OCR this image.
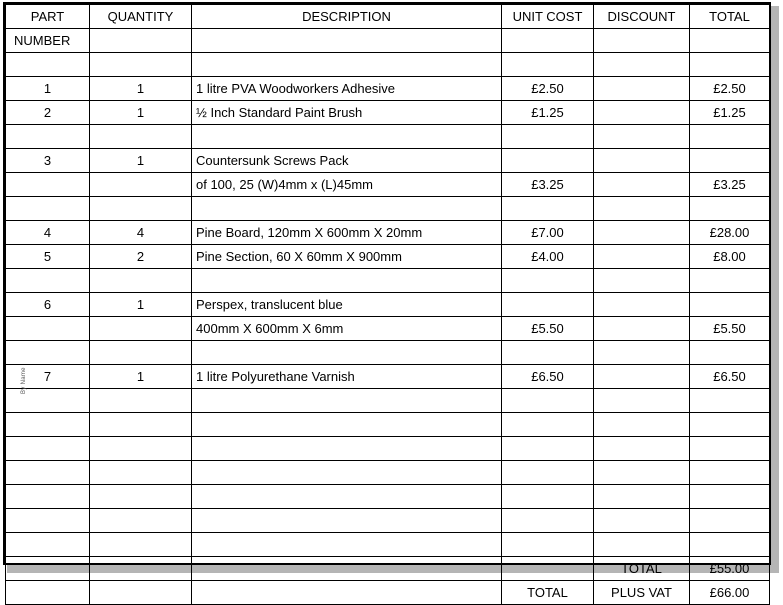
PART	QUANTITY	DESCRIPTION	UNIT COST	DISCOUNT	TOTAL
NUMBER					

1	1	1 litre PVA Woodworkers Adhesive	£2.50		£2.50
2	1	½ Inch Standard Paint Brush	£1.25		£1.25

3	1	Countersunk Screws Pack			
		of 100, 25 (W)4mm x (L)45mm	£3.25		£3.25

4	4	Pine Board, 120mm X 600mm X 20mm	£7.00		£28.00
5	2	Pine Section, 60 X 60mm X 900mm	£4.00		£8.00

6	1	Perspex, translucent blue			
		400mm X 600mm X 6mm	£5.50		£5.50

7	1	1 litre Polyurethane Varnish	£6.50		£6.50

				TOTAL	£55.00
			TOTAL	PLUS VAT	£66.00
By Name
